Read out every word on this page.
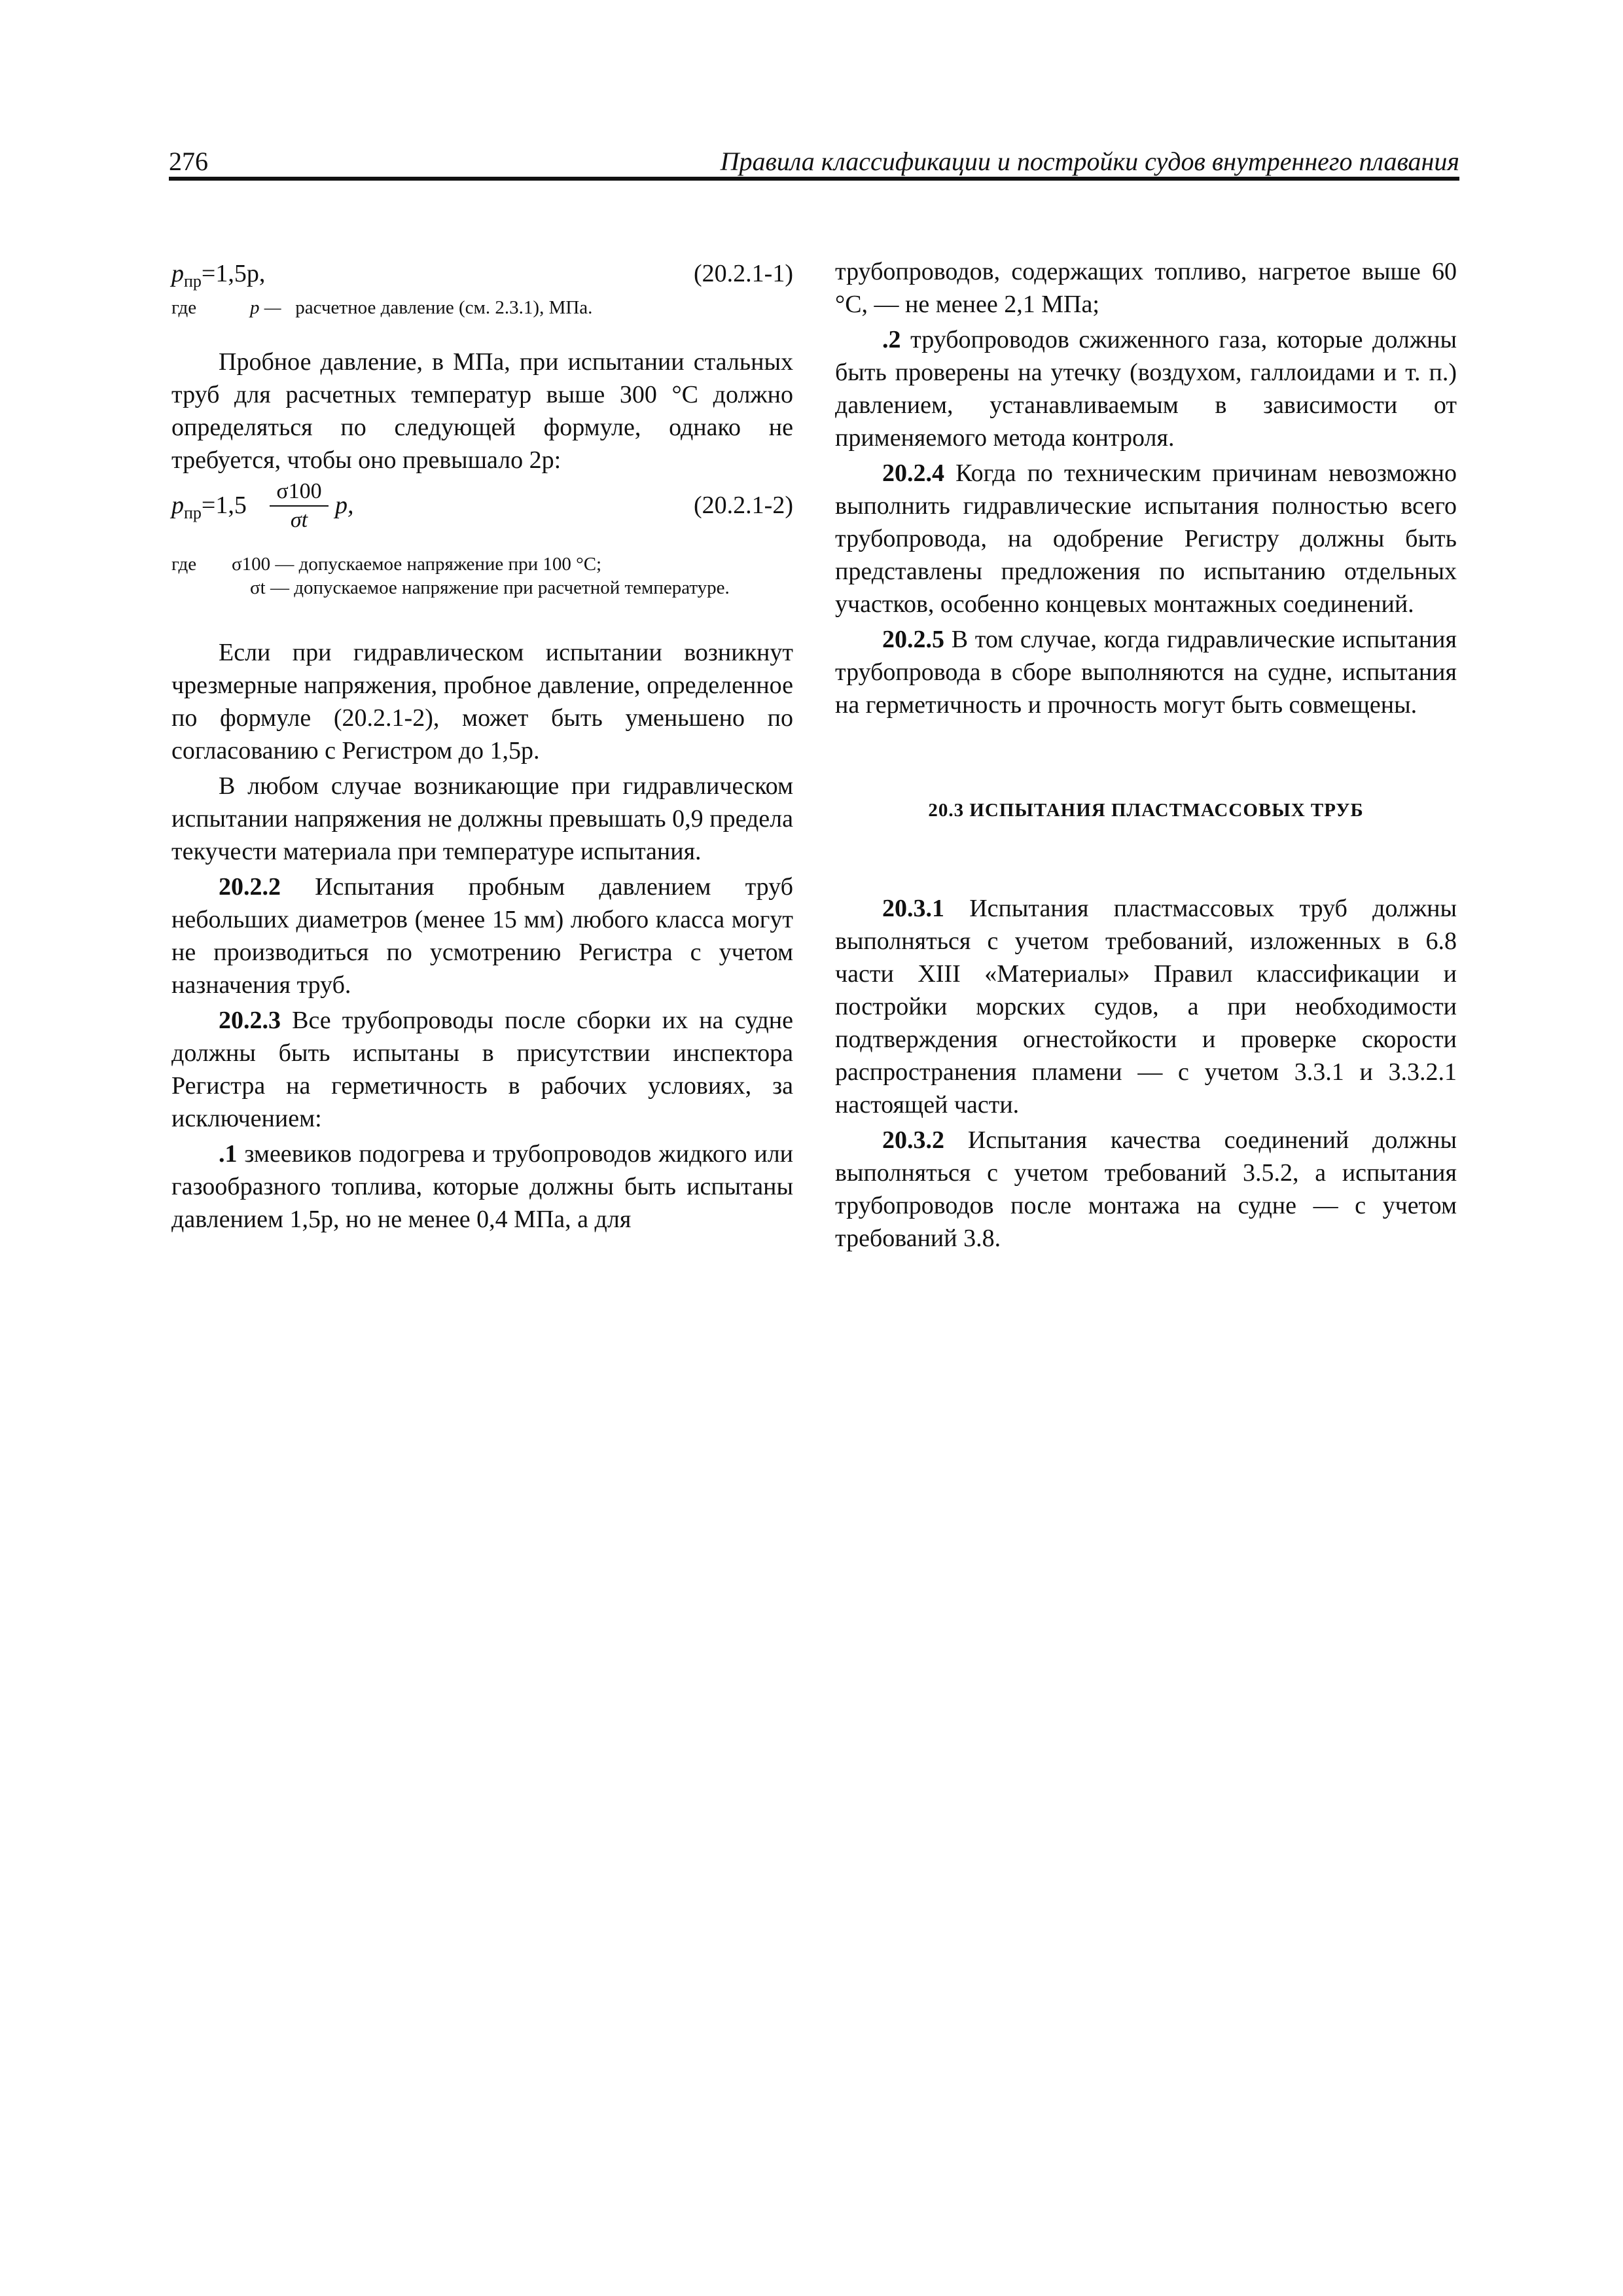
276	Правила классификации и постройки судов внутреннего плавания
$p_{пр}=1,5p$,	(20.2.1-1)
где	p — расчетное давление (см. 2.3.1), МПа.

Пробное давление, в МПа, при испытании стальных труб для расчетных температур выше 300 °C должно определяться по следующей формуле, однако не требуется, чтобы оно превышало 2p:

$p_{пр}=1,5 \frac{\sigma 100}{\sigma t} p$,	(20.2.1-2)
где σ100 — допускаемое напряжение при 100 °C;
σt — допускаемое напряжение при расчетной температуре.

Если при гидравлическом испытании возникнут чрезмерные напряжения, пробное давление, определенное по формуле (20.2.1-2), может быть уменьшено по согласованию с Регистром до 1,5p.

В любом случае возникающие при гидравлическом испытании напряжения не должны превышать 0,9 предела текучести материала при температуре испытания.

20.2.2 Испытания пробным давлением труб небольших диаметров (менее 15 мм) любого класса могут не производиться по усмотрению Регистра с учетом назначения труб.

20.2.3 Все трубопроводы после сборки их на судне должны быть испытаны в присутствии инспектора Регистра на герметичность в рабочих условиях, за исключением:

.1 змеевиков подогрева и трубопроводов жидкого или газообразного топлива, которые должны быть испытаны давлением 1,5p, но не менее 0,4 МПа, а для

трубопроводов, содержащих топливо, нагретое выше 60 °C, — не менее 2,1 МПа;

.2 трубопроводов сжиженного газа, которые должны быть проверены на утечку (воздухом, галлоидами и т. п.) давлением, устанавливаемым в зависимости от применяемого метода контроля.

20.2.4 Когда по техническим причинам невозможно выполнить гидравлические испытания полностью всего трубопровода, на одобрение Регистру должны быть представлены предложения по испытанию отдельных участков, особенно концевых монтажных соединений.

20.2.5 В том случае, когда гидравлические испытания трубопровода в сборе выполняются на судне, испытания на герметичность и прочность могут быть совмещены.

20.3 ИСПЫТАНИЯ ПЛАСТМАССОВЫХ ТРУБ

20.3.1 Испытания пластмассовых труб должны выполняться с учетом требований, изложенных в 6.8 части XIII «Материалы» Правил классификации и постройки морских судов, а при необходимости подтверждения огнестойкости и проверке скорости распространения пламени — с учетом 3.3.1 и 3.3.2.1 настоящей части.

20.3.2 Испытания качества соединений должны выполняться с учетом требований 3.5.2, а испытания трубопроводов после монтажа на судне — с учетом требований 3.8.
